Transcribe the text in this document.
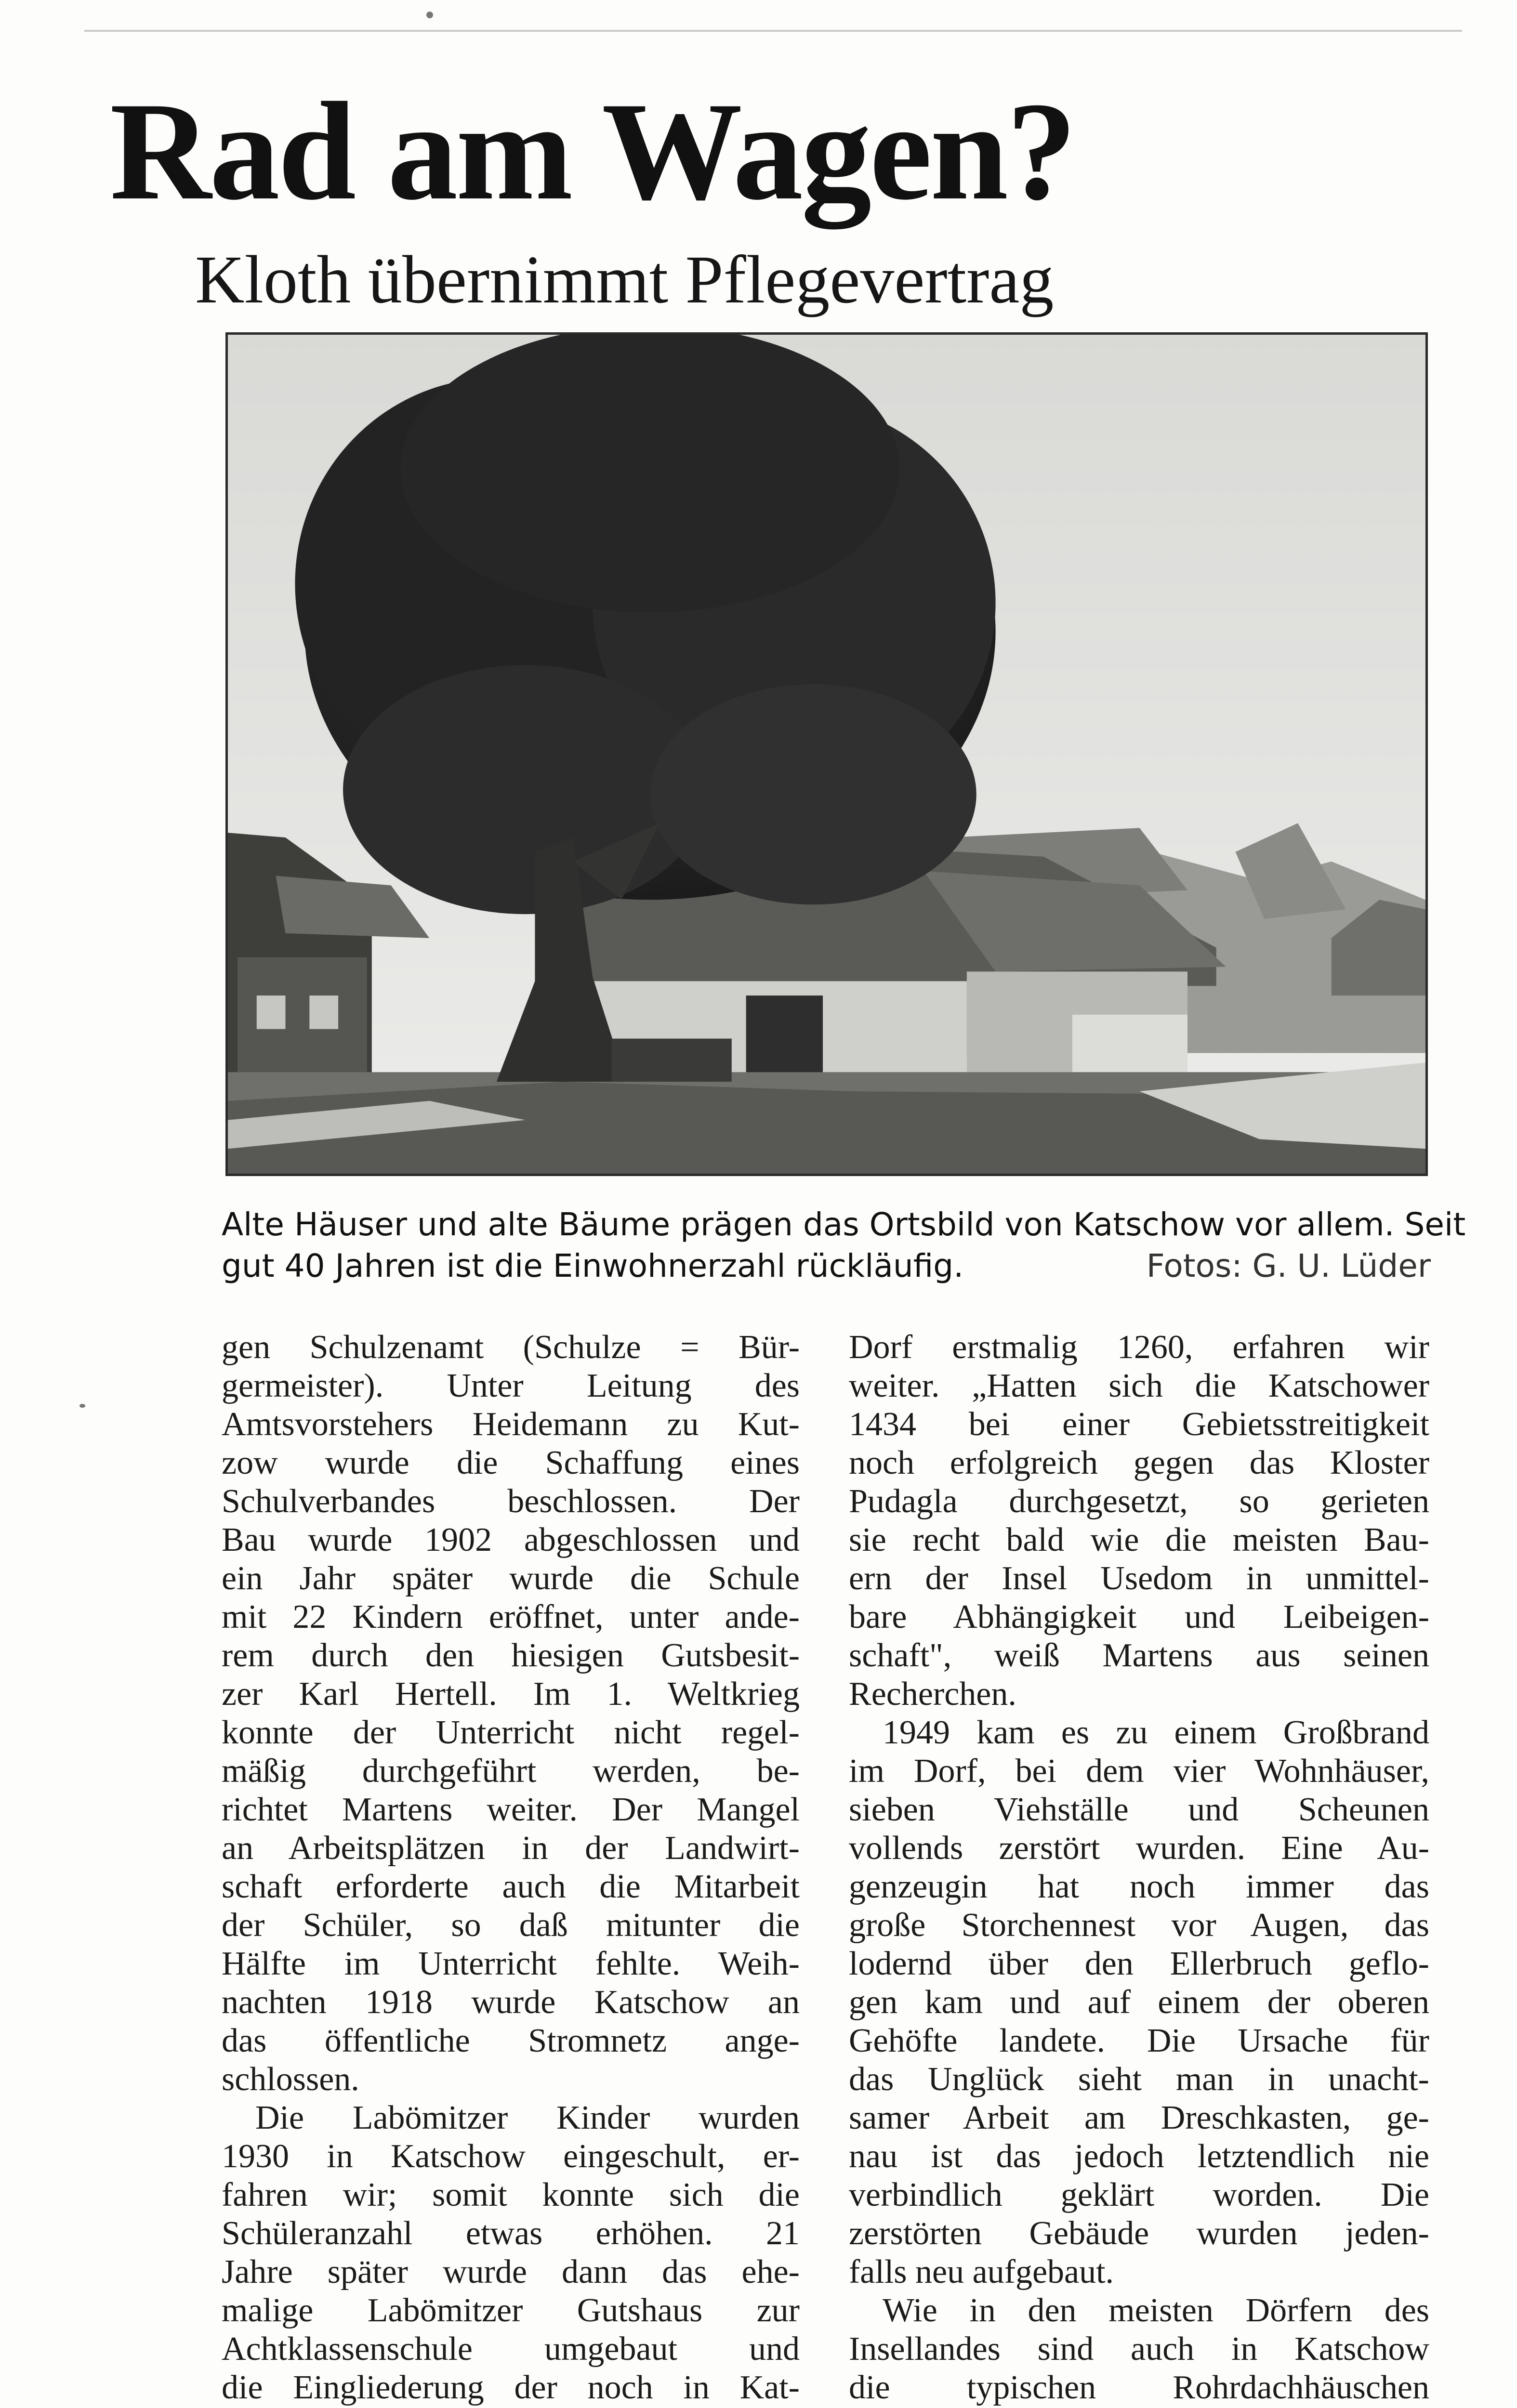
Rad am Wagen?
Kloth übernimmt Pflegevertrag
Alte Häuser und alte Bäume prägen das Ortsbild von Katschow vor allem. Seit
gut 40 Jahren ist die Einwohnerzahl rückläufig.	Fotos: G. U. Lüder

gen Schulzenamt (Schulze = Bür-
germeister). Unter Leitung des
Amtsvorstehers Heidemann zu Kut-
zow wurde die Schaffung eines
Schulverbandes beschlossen. Der
Bau wurde 1902 abgeschlossen und
ein Jahr später wurde die Schule
mit 22 Kindern eröffnet, unter ande-
rem durch den hiesigen Gutsbesit-
zer Karl Hertell. Im 1. Weltkrieg
konnte der Unterricht nicht regel-
mäßig durchgeführt werden, be-
richtet Martens weiter. Der Mangel
an Arbeitsplätzen in der Landwirt-
schaft erforderte auch die Mitarbeit
der Schüler, so daß mitunter die
Hälfte im Unterricht fehlte. Weih-
nachten 1918 wurde Katschow an
das öffentliche Stromnetz ange-
schlossen.

Die Labömitzer Kinder wurden
1930 in Katschow eingeschult, er-
fahren wir; somit konnte sich die
Schüleranzahl etwas erhöhen. 21
Jahre später wurde dann das ehe-
malige Labömitzer Gutshaus zur
Achtklassenschule umgebaut und
die Eingliederung der noch in Kat-

Dorf erstmalig 1260, erfahren wir
weiter. „Hatten sich die Katschower
1434 bei einer Gebietsstreitigkeit
noch erfolgreich gegen das Kloster
Pudagla durchgesetzt, so gerieten
sie recht bald wie die meisten Bau-
ern der Insel Usedom in unmittel-
bare Abhängigkeit und Leibeigen-
schaft", weiß Martens aus seinen
Recherchen.

1949 kam es zu einem Großbrand
im Dorf, bei dem vier Wohnhäuser,
sieben Viehställe und Scheunen
vollends zerstört wurden. Eine Au-
genzeugin hat noch immer das
große Storchennest vor Augen, das
lodernd über den Ellerbruch geflo-
gen kam und auf einem der oberen
Gehöfte landete. Die Ursache für
das Unglück sieht man in unacht-
samer Arbeit am Dreschkasten, ge-
nau ist das jedoch letztendlich nie
verbindlich geklärt worden. Die
zerstörten Gebäude wurden jeden-
falls neu aufgebaut.

Wie in den meisten Dörfern des
Insellandes sind auch in Katschow
die typischen Rohrdachhäuschen
